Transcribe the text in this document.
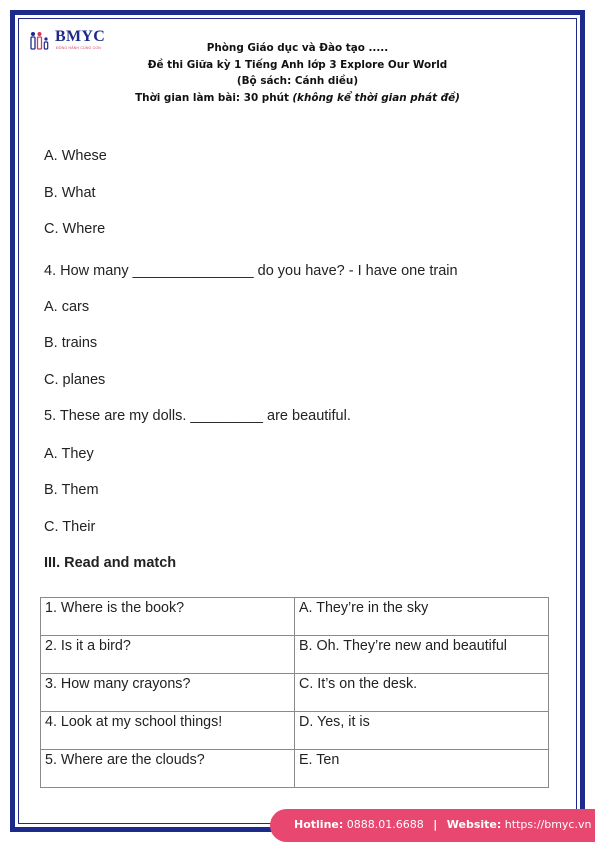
BMYC
ĐỒNG HÀNH CÙNG CON	Phòng Giáo dục và Đào tạo .....
Đề thi Giữa kỳ 1 Tiếng Anh lớp 3 Explore Our World
(Bộ sách: Cánh diều)
Thời gian làm bài: 30 phút (không kể thời gian phát đề)
A. Whese
B. What
C. Where
4. How many _______________ do you have? - I have one train
A. cars
B. trains
C. planes
5. These are my dolls. _________ are beautiful.
A. They
B. Them
C. Their
III. Read and match
1. Where is the book?	A. They’re in the sky

2. Is it a bird?	B. Oh. They’re new and beautiful

3. How many crayons?	C. It’s on the desk.

4. Look at my school things!	D. Yes, it is

5. Where are the clouds?	E. Ten
Hotline: 0888.01.6688 | Website: https://bmyc.vn
